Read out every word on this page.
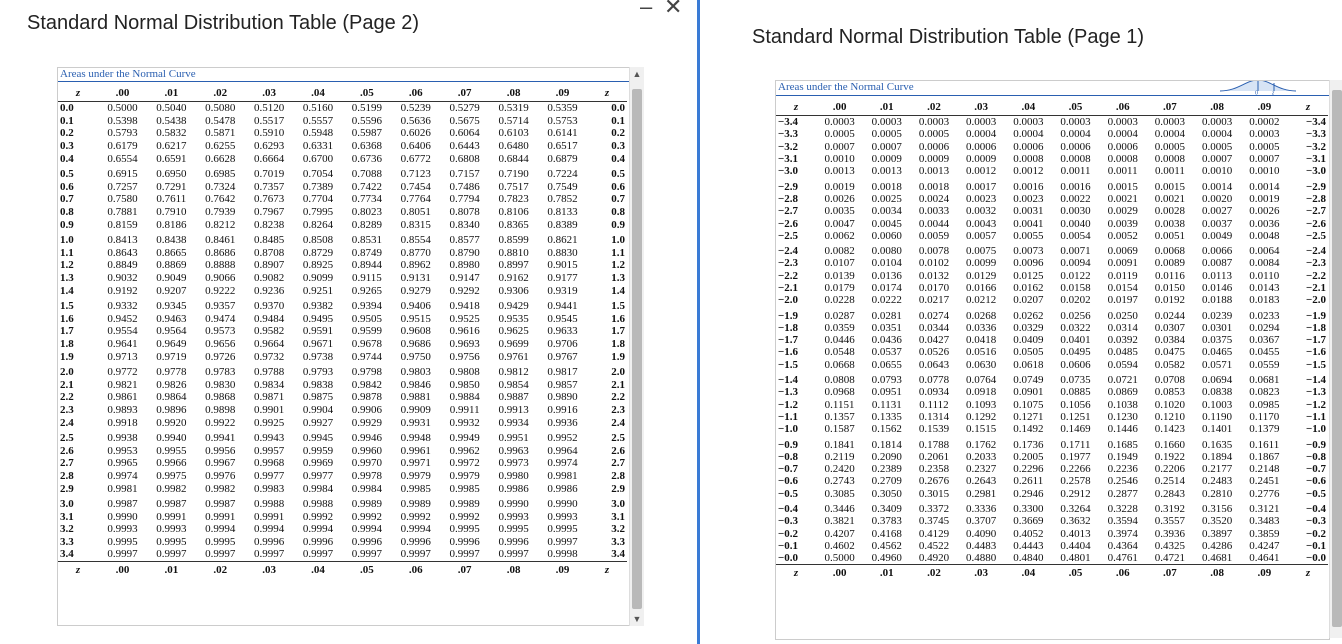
Standard Normal Distribution Table (Page 2)
– ✕
Areas under the Normal Curve
z	.00	.01	.02	.03	.04	.05	.06	.07	.08	.09	z
0.0	0.5000	0.5040	0.5080	0.5120	0.5160	0.5199	0.5239	0.5279	0.5319	0.5359	0.0
0.1	0.5398	0.5438	0.5478	0.5517	0.5557	0.5596	0.5636	0.5675	0.5714	0.5753	0.1
0.2	0.5793	0.5832	0.5871	0.5910	0.5948	0.5987	0.6026	0.6064	0.6103	0.6141	0.2
0.3	0.6179	0.6217	0.6255	0.6293	0.6331	0.6368	0.6406	0.6443	0.6480	0.6517	0.3
0.4	0.6554	0.6591	0.6628	0.6664	0.6700	0.6736	0.6772	0.6808	0.6844	0.6879	0.4
0.5	0.6915	0.6950	0.6985	0.7019	0.7054	0.7088	0.7123	0.7157	0.7190	0.7224	0.5
0.6	0.7257	0.7291	0.7324	0.7357	0.7389	0.7422	0.7454	0.7486	0.7517	0.7549	0.6
0.7	0.7580	0.7611	0.7642	0.7673	0.7704	0.7734	0.7764	0.7794	0.7823	0.7852	0.7
0.8	0.7881	0.7910	0.7939	0.7967	0.7995	0.8023	0.8051	0.8078	0.8106	0.8133	0.8
0.9	0.8159	0.8186	0.8212	0.8238	0.8264	0.8289	0.8315	0.8340	0.8365	0.8389	0.9
1.0	0.8413	0.8438	0.8461	0.8485	0.8508	0.8531	0.8554	0.8577	0.8599	0.8621	1.0
1.1	0.8643	0.8665	0.8686	0.8708	0.8729	0.8749	0.8770	0.8790	0.8810	0.8830	1.1
1.2	0.8849	0.8869	0.8888	0.8907	0.8925	0.8944	0.8962	0.8980	0.8997	0.9015	1.2
1.3	0.9032	0.9049	0.9066	0.9082	0.9099	0.9115	0.9131	0.9147	0.9162	0.9177	1.3
1.4	0.9192	0.9207	0.9222	0.9236	0.9251	0.9265	0.9279	0.9292	0.9306	0.9319	1.4
1.5	0.9332	0.9345	0.9357	0.9370	0.9382	0.9394	0.9406	0.9418	0.9429	0.9441	1.5
1.6	0.9452	0.9463	0.9474	0.9484	0.9495	0.9505	0.9515	0.9525	0.9535	0.9545	1.6
1.7	0.9554	0.9564	0.9573	0.9582	0.9591	0.9599	0.9608	0.9616	0.9625	0.9633	1.7
1.8	0.9641	0.9649	0.9656	0.9664	0.9671	0.9678	0.9686	0.9693	0.9699	0.9706	1.8
1.9	0.9713	0.9719	0.9726	0.9732	0.9738	0.9744	0.9750	0.9756	0.9761	0.9767	1.9
2.0	0.9772	0.9778	0.9783	0.9788	0.9793	0.9798	0.9803	0.9808	0.9812	0.9817	2.0
2.1	0.9821	0.9826	0.9830	0.9834	0.9838	0.9842	0.9846	0.9850	0.9854	0.9857	2.1
2.2	0.9861	0.9864	0.9868	0.9871	0.9875	0.9878	0.9881	0.9884	0.9887	0.9890	2.2
2.3	0.9893	0.9896	0.9898	0.9901	0.9904	0.9906	0.9909	0.9911	0.9913	0.9916	2.3
2.4	0.9918	0.9920	0.9922	0.9925	0.9927	0.9929	0.9931	0.9932	0.9934	0.9936	2.4
2.5	0.9938	0.9940	0.9941	0.9943	0.9945	0.9946	0.9948	0.9949	0.9951	0.9952	2.5
2.6	0.9953	0.9955	0.9956	0.9957	0.9959	0.9960	0.9961	0.9962	0.9963	0.9964	2.6
2.7	0.9965	0.9966	0.9967	0.9968	0.9969	0.9970	0.9971	0.9972	0.9973	0.9974	2.7
2.8	0.9974	0.9975	0.9976	0.9977	0.9977	0.9978	0.9979	0.9979	0.9980	0.9981	2.8
2.9	0.9981	0.9982	0.9982	0.9983	0.9984	0.9984	0.9985	0.9985	0.9986	0.9986	2.9
3.0	0.9987	0.9987	0.9987	0.9988	0.9988	0.9989	0.9989	0.9989	0.9990	0.9990	3.0
3.1	0.9990	0.9991	0.9991	0.9991	0.9992	0.9992	0.9992	0.9992	0.9993	0.9993	3.1
3.2	0.9993	0.9993	0.9994	0.9994	0.9994	0.9994	0.9994	0.9995	0.9995	0.9995	3.2
3.3	0.9995	0.9995	0.9995	0.9996	0.9996	0.9996	0.9996	0.9996	0.9996	0.9997	3.3
3.4	0.9997	0.9997	0.9997	0.9997	0.9997	0.9997	0.9997	0.9997	0.9997	0.9998	3.4
z	.00	.01	.02	.03	.04	.05	.06	.07	.08	.09	z
▲
▼
Standard Normal Distribution Table (Page 1)
Areas under the Normal Curve
0 z
z	.00	.01	.02	.03	.04	.05	.06	.07	.08	.09	z
−3.4	0.0003	0.0003	0.0003	0.0003	0.0003	0.0003	0.0003	0.0003	0.0003	0.0002	−3.4
−3.3	0.0005	0.0005	0.0005	0.0004	0.0004	0.0004	0.0004	0.0004	0.0004	0.0003	−3.3
−3.2	0.0007	0.0007	0.0006	0.0006	0.0006	0.0006	0.0006	0.0005	0.0005	0.0005	−3.2
−3.1	0.0010	0.0009	0.0009	0.0009	0.0008	0.0008	0.0008	0.0008	0.0007	0.0007	−3.1
−3.0	0.0013	0.0013	0.0013	0.0012	0.0012	0.0011	0.0011	0.0011	0.0010	0.0010	−3.0
−2.9	0.0019	0.0018	0.0018	0.0017	0.0016	0.0016	0.0015	0.0015	0.0014	0.0014	−2.9
−2.8	0.0026	0.0025	0.0024	0.0023	0.0023	0.0022	0.0021	0.0021	0.0020	0.0019	−2.8
−2.7	0.0035	0.0034	0.0033	0.0032	0.0031	0.0030	0.0029	0.0028	0.0027	0.0026	−2.7
−2.6	0.0047	0.0045	0.0044	0.0043	0.0041	0.0040	0.0039	0.0038	0.0037	0.0036	−2.6
−2.5	0.0062	0.0060	0.0059	0.0057	0.0055	0.0054	0.0052	0.0051	0.0049	0.0048	−2.5
−2.4	0.0082	0.0080	0.0078	0.0075	0.0073	0.0071	0.0069	0.0068	0.0066	0.0064	−2.4
−2.3	0.0107	0.0104	0.0102	0.0099	0.0096	0.0094	0.0091	0.0089	0.0087	0.0084	−2.3
−2.2	0.0139	0.0136	0.0132	0.0129	0.0125	0.0122	0.0119	0.0116	0.0113	0.0110	−2.2
−2.1	0.0179	0.0174	0.0170	0.0166	0.0162	0.0158	0.0154	0.0150	0.0146	0.0143	−2.1
−2.0	0.0228	0.0222	0.0217	0.0212	0.0207	0.0202	0.0197	0.0192	0.0188	0.0183	−2.0
−1.9	0.0287	0.0281	0.0274	0.0268	0.0262	0.0256	0.0250	0.0244	0.0239	0.0233	−1.9
−1.8	0.0359	0.0351	0.0344	0.0336	0.0329	0.0322	0.0314	0.0307	0.0301	0.0294	−1.8
−1.7	0.0446	0.0436	0.0427	0.0418	0.0409	0.0401	0.0392	0.0384	0.0375	0.0367	−1.7
−1.6	0.0548	0.0537	0.0526	0.0516	0.0505	0.0495	0.0485	0.0475	0.0465	0.0455	−1.6
−1.5	0.0668	0.0655	0.0643	0.0630	0.0618	0.0606	0.0594	0.0582	0.0571	0.0559	−1.5
−1.4	0.0808	0.0793	0.0778	0.0764	0.0749	0.0735	0.0721	0.0708	0.0694	0.0681	−1.4
−1.3	0.0968	0.0951	0.0934	0.0918	0.0901	0.0885	0.0869	0.0853	0.0838	0.0823	−1.3
−1.2	0.1151	0.1131	0.1112	0.1093	0.1075	0.1056	0.1038	0.1020	0.1003	0.0985	−1.2
−1.1	0.1357	0.1335	0.1314	0.1292	0.1271	0.1251	0.1230	0.1210	0.1190	0.1170	−1.1
−1.0	0.1587	0.1562	0.1539	0.1515	0.1492	0.1469	0.1446	0.1423	0.1401	0.1379	−1.0
−0.9	0.1841	0.1814	0.1788	0.1762	0.1736	0.1711	0.1685	0.1660	0.1635	0.1611	−0.9
−0.8	0.2119	0.2090	0.2061	0.2033	0.2005	0.1977	0.1949	0.1922	0.1894	0.1867	−0.8
−0.7	0.2420	0.2389	0.2358	0.2327	0.2296	0.2266	0.2236	0.2206	0.2177	0.2148	−0.7
−0.6	0.2743	0.2709	0.2676	0.2643	0.2611	0.2578	0.2546	0.2514	0.2483	0.2451	−0.6
−0.5	0.3085	0.3050	0.3015	0.2981	0.2946	0.2912	0.2877	0.2843	0.2810	0.2776	−0.5
−0.4	0.3446	0.3409	0.3372	0.3336	0.3300	0.3264	0.3228	0.3192	0.3156	0.3121	−0.4
−0.3	0.3821	0.3783	0.3745	0.3707	0.3669	0.3632	0.3594	0.3557	0.3520	0.3483	−0.3
−0.2	0.4207	0.4168	0.4129	0.4090	0.4052	0.4013	0.3974	0.3936	0.3897	0.3859	−0.2
−0.1	0.4602	0.4562	0.4522	0.4483	0.4443	0.4404	0.4364	0.4325	0.4286	0.4247	−0.1
−0.0	0.5000	0.4960	0.4920	0.4880	0.4840	0.4801	0.4761	0.4721	0.4681	0.4641	−0.0
z	.00	.01	.02	.03	.04	.05	.06	.07	.08	.09	z
